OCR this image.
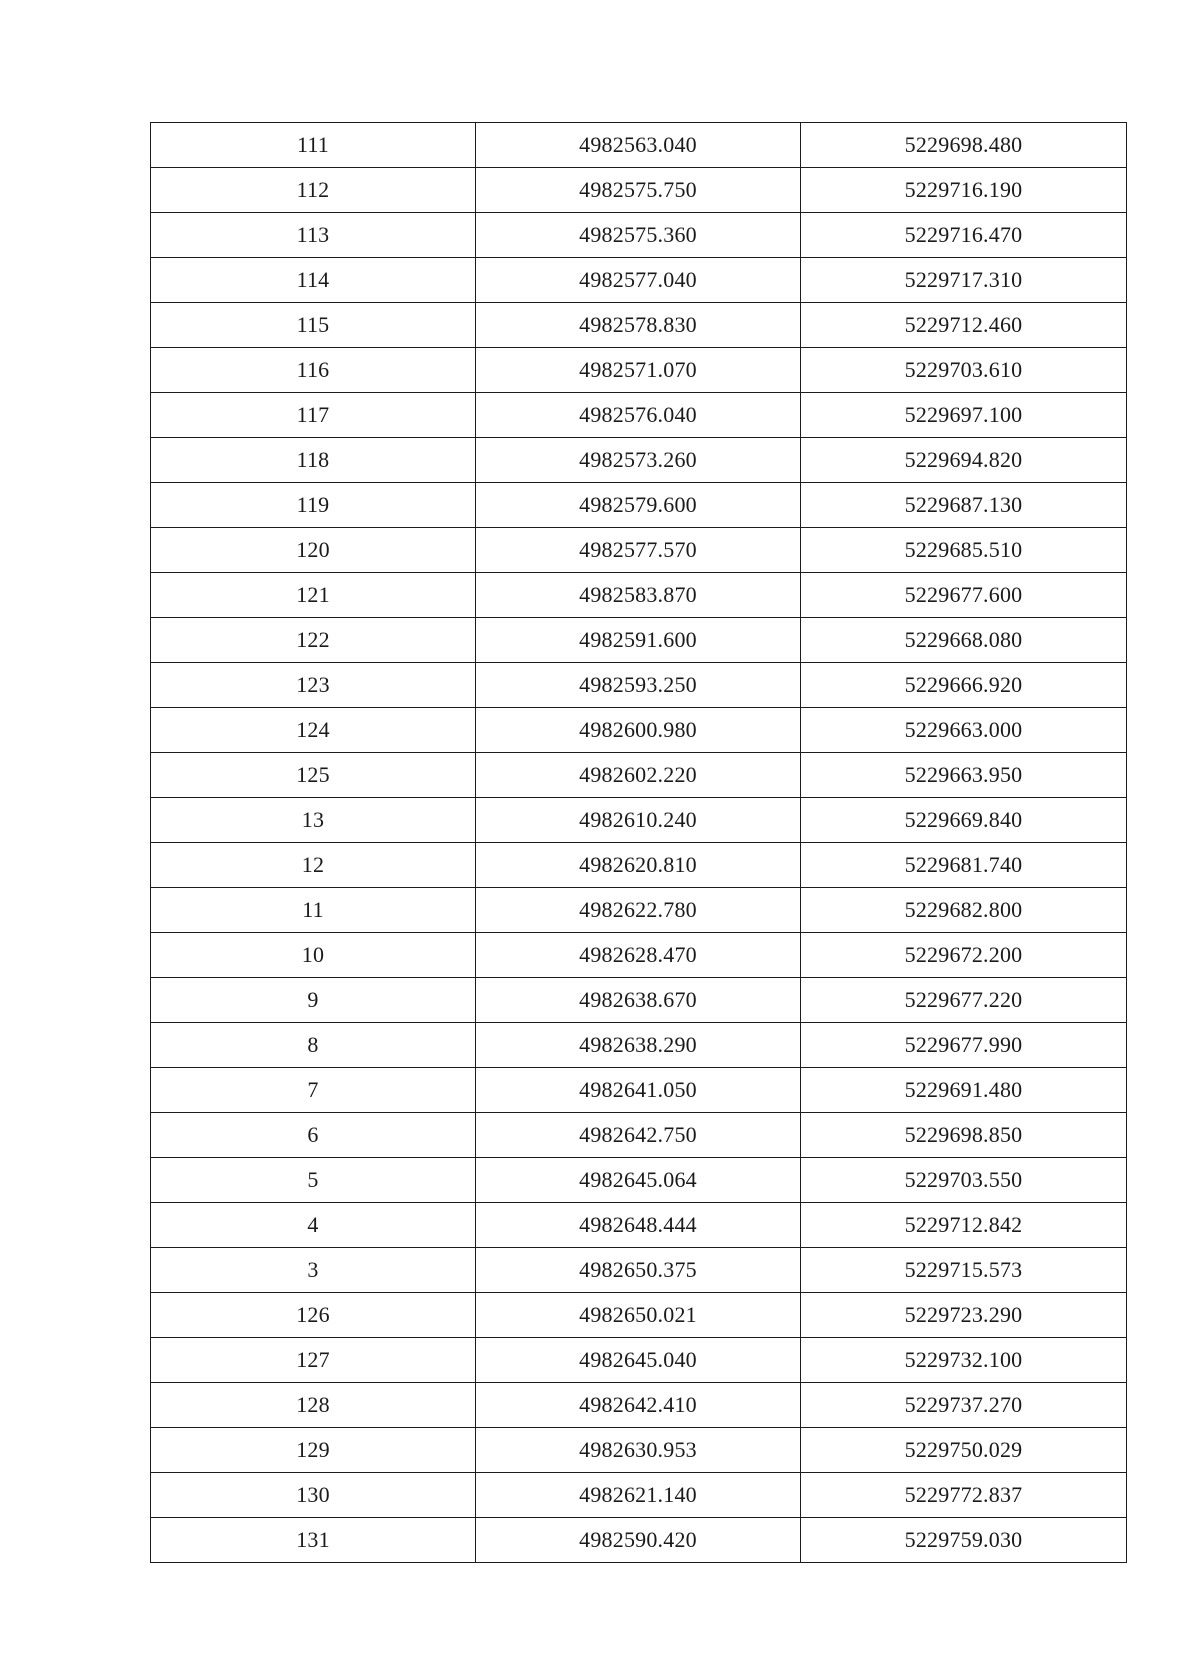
111	4982563.040	5229698.480
112	4982575.750	5229716.190
113	4982575.360	5229716.470
114	4982577.040	5229717.310
115	4982578.830	5229712.460
116	4982571.070	5229703.610
117	4982576.040	5229697.100
118	4982573.260	5229694.820
119	4982579.600	5229687.130
120	4982577.570	5229685.510
121	4982583.870	5229677.600
122	4982591.600	5229668.080
123	4982593.250	5229666.920
124	4982600.980	5229663.000
125	4982602.220	5229663.950
13	4982610.240	5229669.840
12	4982620.810	5229681.740
11	4982622.780	5229682.800
10	4982628.470	5229672.200
9	4982638.670	5229677.220
8	4982638.290	5229677.990
7	4982641.050	5229691.480
6	4982642.750	5229698.850
5	4982645.064	5229703.550
4	4982648.444	5229712.842
3	4982650.375	5229715.573
126	4982650.021	5229723.290
127	4982645.040	5229732.100
128	4982642.410	5229737.270
129	4982630.953	5229750.029
130	4982621.140	5229772.837
131	4982590.420	5229759.030
